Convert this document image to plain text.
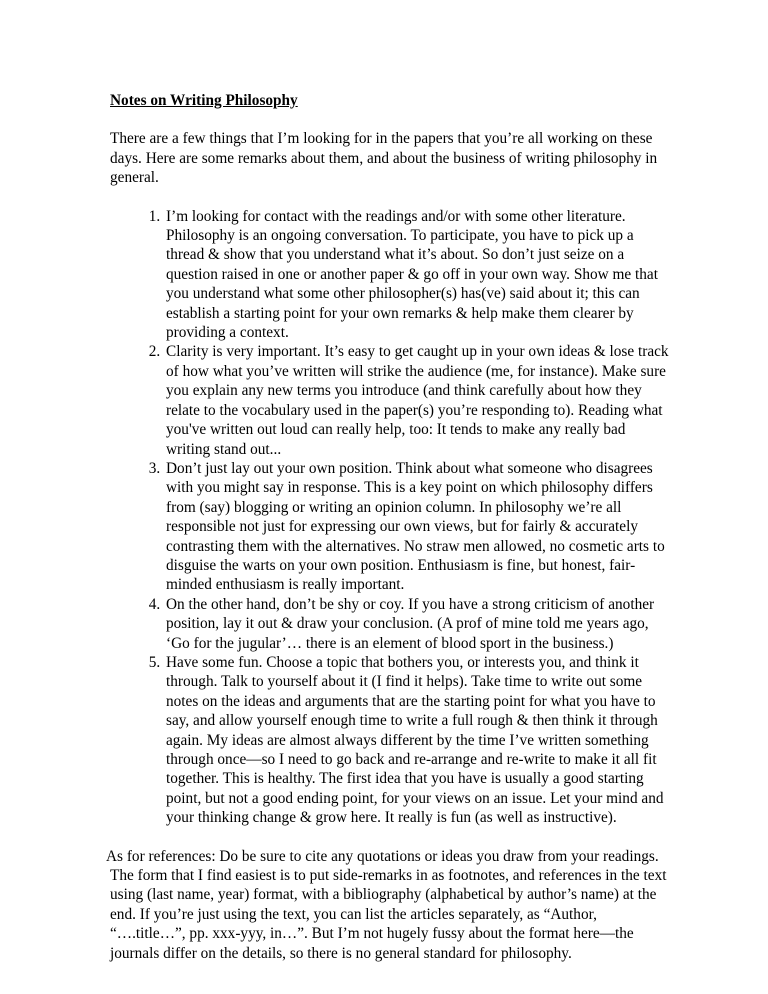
Notes on Writing Philosophy

There are a few things that I’m looking for in the papers that you’re all working on these days. Here are some remarks about them, and about the business of writing philosophy in general.

1. I’m looking for contact with the readings and/or with some other literature. Philosophy is an ongoing conversation. To participate, you have to pick up a thread & show that you understand what it’s about. So don’t just seize on a question raised in one or another paper & go off in your own way. Show me that you understand what some other philosopher(s) has(ve) said about it; this can establish a starting point for your own remarks & help make them clearer by providing a context.
2. Clarity is very important. It’s easy to get caught up in your own ideas & lose track of how what you’ve written will strike the audience (me, for instance). Make sure you explain any new terms you introduce (and think carefully about how they relate to the vocabulary used in the paper(s) you’re responding to). Reading what you've written out loud can really help, too: It tends to make any really bad writing stand out...
3. Don’t just lay out your own position. Think about what someone who disagrees with you might say in response. This is a key point on which philosophy differs from (say) blogging or writing an opinion column. In philosophy we’re all responsible not just for expressing our own views, but for fairly & accurately contrasting them with the alternatives. No straw men allowed, no cosmetic arts to disguise the warts on your own position. Enthusiasm is fine, but honest, fair-minded enthusiasm is really important.
4. On the other hand, don’t be shy or coy. If you have a strong criticism of another position, lay it out & draw your conclusion. (A prof of mine told me years ago, ‘Go for the jugular’… there is an element of blood sport in the business.)
5. Have some fun. Choose a topic that bothers you, or interests you, and think it through. Talk to yourself about it (I find it helps). Take time to write out some notes on the ideas and arguments that are the starting point for what you have to say, and allow yourself enough time to write a full rough & then think it through again. My ideas are almost always different by the time I’ve written something through once—so I need to go back and re-arrange and re-write to make it all fit together. This is healthy. The first idea that you have is usually a good starting point, but not a good ending point, for your views on an issue. Let your mind and your thinking change & grow here. It really is fun (as well as instructive).

As for references: Do be sure to cite any quotations or ideas you draw from your readings. The form that I find easiest is to put side-remarks in as footnotes, and references in the text using (last name, year) format, with a bibliography (alphabetical by author’s name) at the end. If you’re just using the text, you can list the articles separately, as “Author, “….title…”, pp. xxx-yyy, in…”. But I’m not hugely fussy about the format here—the journals differ on the details, so there is no general standard for philosophy.
